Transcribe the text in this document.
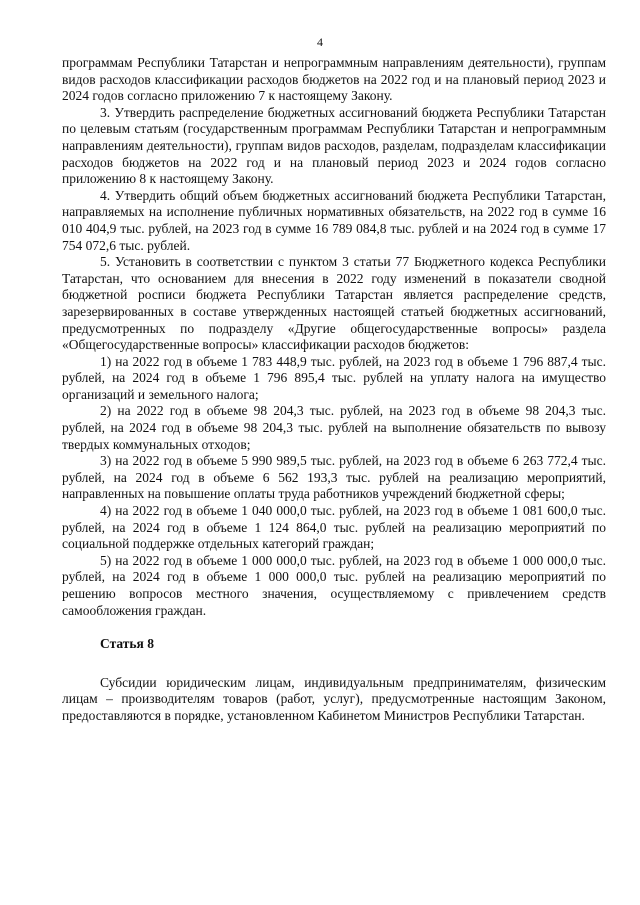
4

программам Республики Татарстан и непрограммным направлениям деятельности), группам видов расходов классификации расходов бюджетов на 2022 год и на плановый период 2023 и 2024 годов согласно приложению 7 к настоящему Закону.

3. Утвердить распределение бюджетных ассигнований бюджета Республики Татарстан по целевым статьям (государственным программам Республики Татарстан и непрограммным направлениям деятельности), группам видов расходов, разделам, подразделам классификации расходов бюджетов на 2022 год и на плановый период 2023 и 2024 годов согласно приложению 8 к настоящему Закону.

4. Утвердить общий объем бюджетных ассигнований бюджета Республики Татарстан, направляемых на исполнение публичных нормативных обязательств, на 2022 год в сумме 16 010 404,9 тыс. рублей, на 2023 год в сумме 16 789 084,8 тыс. рублей и на 2024 год в сумме 17 754 072,6 тыс. рублей.

5. Установить в соответствии с пунктом 3 статьи 77 Бюджетного кодекса Республики Татарстан, что основанием для внесения в 2022 году изменений в показатели сводной бюджетной росписи бюджета Республики Татарстан является распределение средств, зарезервированных в составе утвержденных настоящей статьей бюджетных ассигнований, предусмотренных по подразделу «Другие общегосударственные вопросы» раздела «Общегосударственные вопросы» классификации расходов бюджетов:

1) на 2022 год в объеме 1 783 448,9 тыс. рублей, на 2023 год в объеме 1 796 887,4 тыс. рублей, на 2024 год в объеме 1 796 895,4 тыс. рублей на уплату налога на имущество организаций и земельного налога;

2) на 2022 год в объеме 98 204,3 тыс. рублей, на 2023 год в объеме 98 204,3 тыс. рублей, на 2024 год в объеме 98 204,3 тыс. рублей на выполнение обязательств по вывозу твердых коммунальных отходов;

3) на 2022 год в объеме 5 990 989,5 тыс. рублей, на 2023 год в объеме 6 263 772,4 тыс. рублей, на 2024 год в объеме 6 562 193,3 тыс. рублей на реализацию мероприятий, направленных на повышение оплаты труда работников учреждений бюджетной сферы;

4) на 2022 год в объеме 1 040 000,0 тыс. рублей, на 2023 год в объеме 1 081 600,0 тыс. рублей, на 2024 год в объеме 1 124 864,0 тыс. рублей на реализацию мероприятий по социальной поддержке отдельных категорий граждан;

5) на 2022 год в объеме 1 000 000,0 тыс. рублей, на 2023 год в объеме 1 000 000,0 тыс. рублей, на 2024 год в объеме 1 000 000,0 тыс. рублей на реализацию мероприятий по решению вопросов местного значения, осуществляемому с привлечением средств самообложения граждан.

Статья 8

Субсидии юридическим лицам, индивидуальным предпринимателям, физическим лицам – производителям товаров (работ, услуг), предусмотренные настоящим Законом, предоставляются в порядке, установленном Кабинетом Министров Республики Татарстан.
